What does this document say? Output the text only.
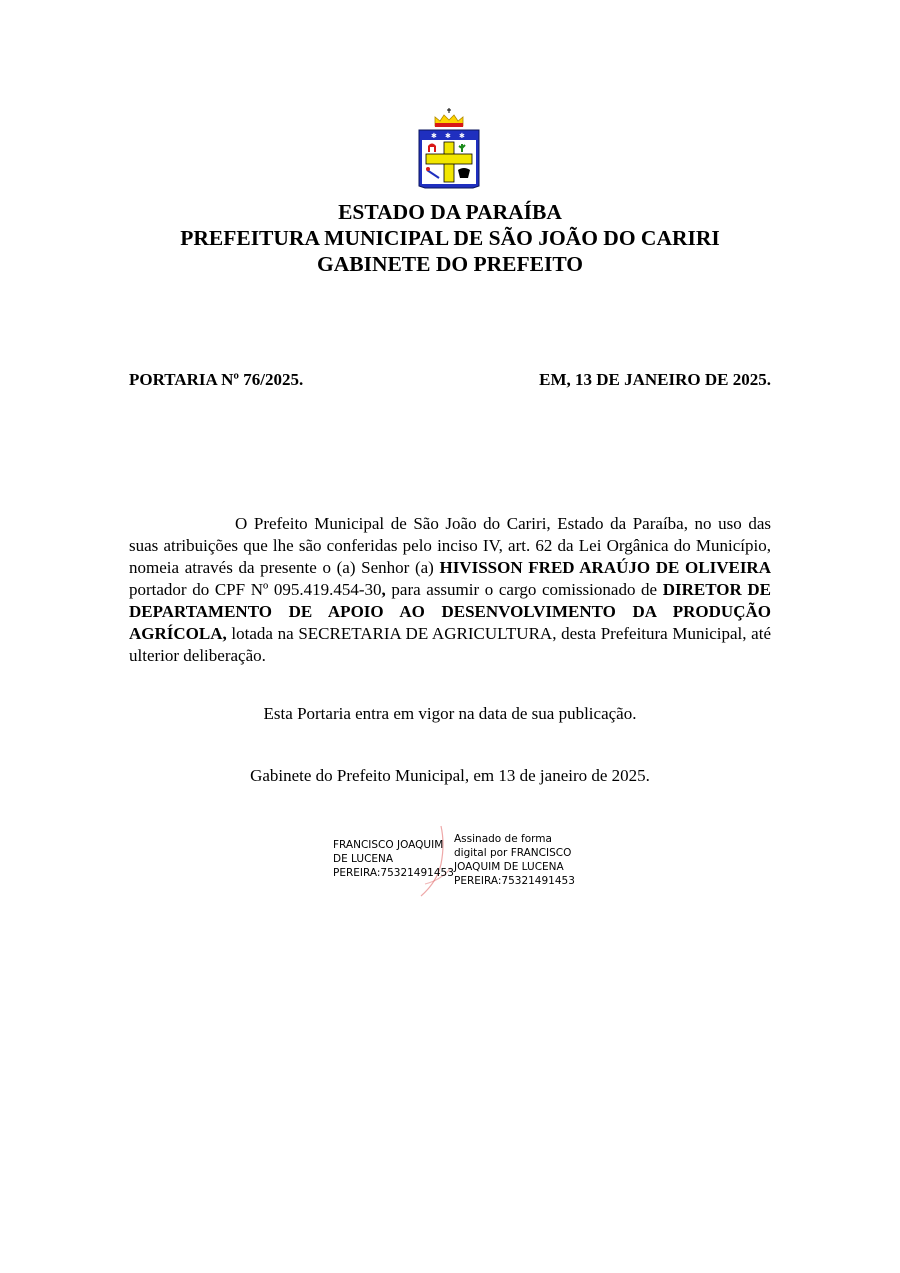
✱ ✱ ✱
ESTADO DA PARAÍBA
PREFEITURA MUNICIPAL DE SÃO JOÃO DO CARIRI
GABINETE DO PREFEITO
PORTARIA Nº 76/2025.	EM, 13 DE JANEIRO DE 2025.
O Prefeito Municipal de São João do Cariri, Estado da Paraíba, no uso das suas atribuições que lhe são conferidas pelo inciso IV, art. 62 da Lei Orgânica do Município, nomeia através da presente o (a) Senhor (a) HIVISSON FRED ARAÚJO DE OLIVEIRA portador do CPF Nº 095.419.454-30, para assumir o cargo comissionado de DIRETOR DE DEPARTAMENTO DE APOIO AO DESENVOLVIMENTO DA PRODUÇÃO AGRÍCOLA, lotada na SECRETARIA DE AGRICULTURA, desta Prefeitura Municipal, até ulterior deliberação.
Esta Portaria entra em vigor na data de sua publicação.
Gabinete do Prefeito Municipal, em 13 de janeiro de 2025.
FRANCISCO JOAQUIM
DE LUCENA
PEREIRA:75321491453
Assinado de forma
digital por FRANCISCO
JOAQUIM DE LUCENA
PEREIRA:75321491453
